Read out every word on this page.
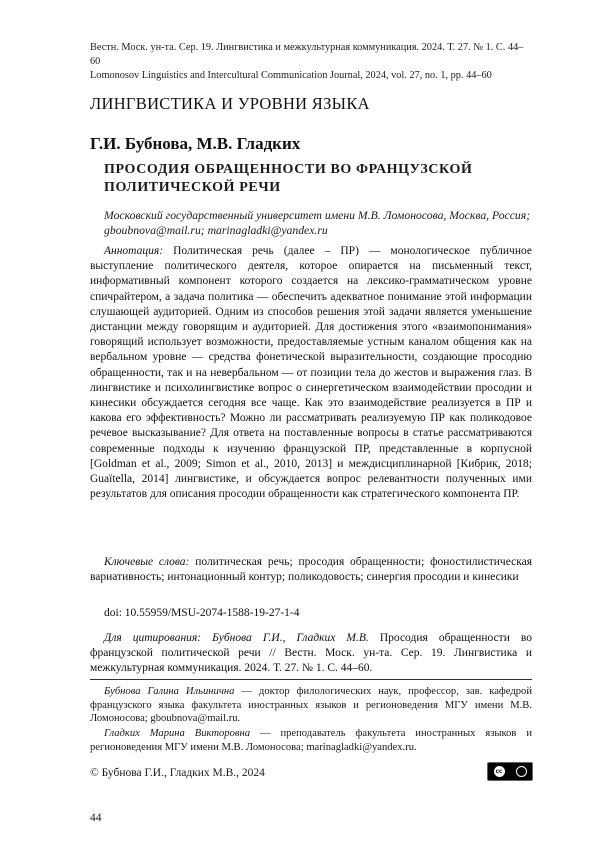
Вестн. Моск. ун-та. Сер. 19. Лингвистика и межкультурная коммуникация. 2024. Т. 27. № 1. С. 44–60
Lomonosov Linguistics and Intercultural Communication Journal, 2024, vol. 27, no. 1, pp. 44–60
ЛИНГВИСТИКА И УРОВНИ ЯЗЫКА
Г.И. Бубнова, М.В. Гладких
ПРОСОДИЯ ОБРАЩЕННОСТИ ВО ФРАНЦУЗСКОЙ ПОЛИТИЧЕСКОЙ РЕЧИ
Московский государственный университет имени М.В. Ломоносова, Москва, Россия; gboubnova@mail.ru; marinagladki@yandex.ru
Аннотация: Политическая речь (далее – ПР) — монологическое публичное выступление политического деятеля, которое опирается на письменный текст, информативный компонент которого создается на лексико-грамматическом уровне спичрайтером, а задача политика — обеспечить адекватное понимание этой информации слушающей аудиторией. Одним из способов решения этой задачи является уменьшение дистанции между говорящим и аудиторией. Для достижения этого «взаимопонимания» говорящий использует возможности, предоставляемые устным каналом общения как на вербальном уровне — средства фонетической выразительности, создающие просодию обращенности, так и на невербальном — от позиции тела до жестов и выражения глаз. В лингвистике и психолингвистике вопрос о синергетическом взаимодействии просодии и кинесики обсуждается сегодня все чаще. Как это взаимодействие реализуется в ПР и какова его эффективность? Можно ли рассматривать реализуемую ПР как поликодовое речевое высказывание? Для ответа на поставленные вопросы в статье рассматриваются современные подходы к изучению французской ПР, представленные в корпусной [Goldman et al., 2009; Simon et al., 2010, 2013] и междисциплинарной [Кибрик, 2018; Guaïtella, 2014] лингвистике, и обсуждается вопрос релевантности полученных ими результатов для описания просодии обращенности как стратегического компонента ПР.
Ключевые слова: политическая речь; просодия обращенности; фоностилистическая вариативность; интонационный контур; поликодовость; синергия просодии и кинесики
doi: 10.55959/MSU-2074-1588-19-27-1-4
Для цитирования: Бубнова Г.И., Гладких М.В. Просодия обращенности во французской политической речи // Вестн. Моск. ун-та. Сер. 19. Лингвистика и межкультурная коммуникация. 2024. Т. 27. № 1. С. 44–60.
Бубнова Галина Ильинична — доктор филологических наук, профессор, зав. кафедрой французского языка факультета иностранных языков и регионоведения МГУ имени М.В. Ломоносова; gboubnova@mail.ru.
Гладких Марина Викторовна — преподаватель факультета иностранных языков и регионоведения МГУ имени М.В. Ломоносова; marinagladki@yandex.ru.
© Бубнова Г.И., Гладких М.В., 2024	cc
44
